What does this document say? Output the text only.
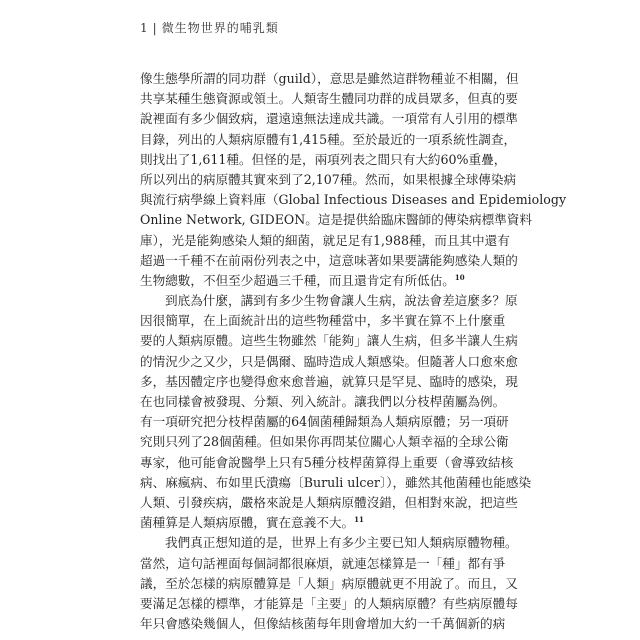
1 | 微生物世界的哺乳類
像生態學所謂的同功群（guild），意思是雖然這群物種並不相關，但
共享某種生態資源或領土。人類寄生體同功群的成員眾多，但真的要
說裡面有多少個致病，還遠遠無法達成共識。一項常有人引用的標準
目錄，列出的人類病原體有1,415種。至於最近的一項系統性調查，
則找出了1,611種。但怪的是，兩項列表之間只有大約60%重疊，
所以列出的病原體其實來到了2,107種。然而，如果根據全球傳染病
與流行病學線上資料庫（Global Infectious Diseases and Epidemiology
Online Network, GIDEON。這是提供給臨床醫師的傳染病標準資料
庫），光是能夠感染人類的細菌，就足足有1,988種，而且其中還有
超過一千種不在前兩份列表之中，這意味著如果要講能夠感染人類的
生物總數，不但至少超過三千種，而且還肯定有所低估。$^{10}$
到底為什麼，講到有多少生物會讓人生病，說法會差這麼多？原
因很簡單，在上面統計出的這些物種當中，多半實在算不上什麼重
要的人類病原體。這些生物雖然「能夠」讓人生病，但多半讓人生病
的情況少之又少，只是偶爾、臨時造成人類感染。但隨著人口愈來愈
多，基因體定序也變得愈來愈普遍，就算只是罕見、臨時的感染，現
在也同樣會被發現、分類、列入統計。讓我們以分枝桿菌屬為例。
有一項研究把分枝桿菌屬的64個菌種歸類為人類病原體；另一項研
究則只列了28個菌種。但如果你再問某位關心人類幸福的全球公衛
專家，他可能會說醫學上只有5種分枝桿菌算得上重要（會導致結核
病、麻瘋病、布如里氏潰瘍〔Buruli ulcer〕），雖然其他菌種也能感染
人類、引發疾病，嚴格來說是人類病原體沒錯，但相對來說，把這些
菌種算是人類病原體，實在意義不大。$^{11}$
我們真正想知道的是，世界上有多少主要已知人類病原體物種。
當然，這句話裡面每個詞都很麻煩，就連怎樣算是一「種」都有爭
議，至於怎樣的病原體算是「人類」病原體就更不用說了。而且，又
要滿足怎樣的標準，才能算是「主要」的人類病原體？有些病原體每
年只會感染幾個人，但像結核菌每年則會增加大約一千萬個新的病
